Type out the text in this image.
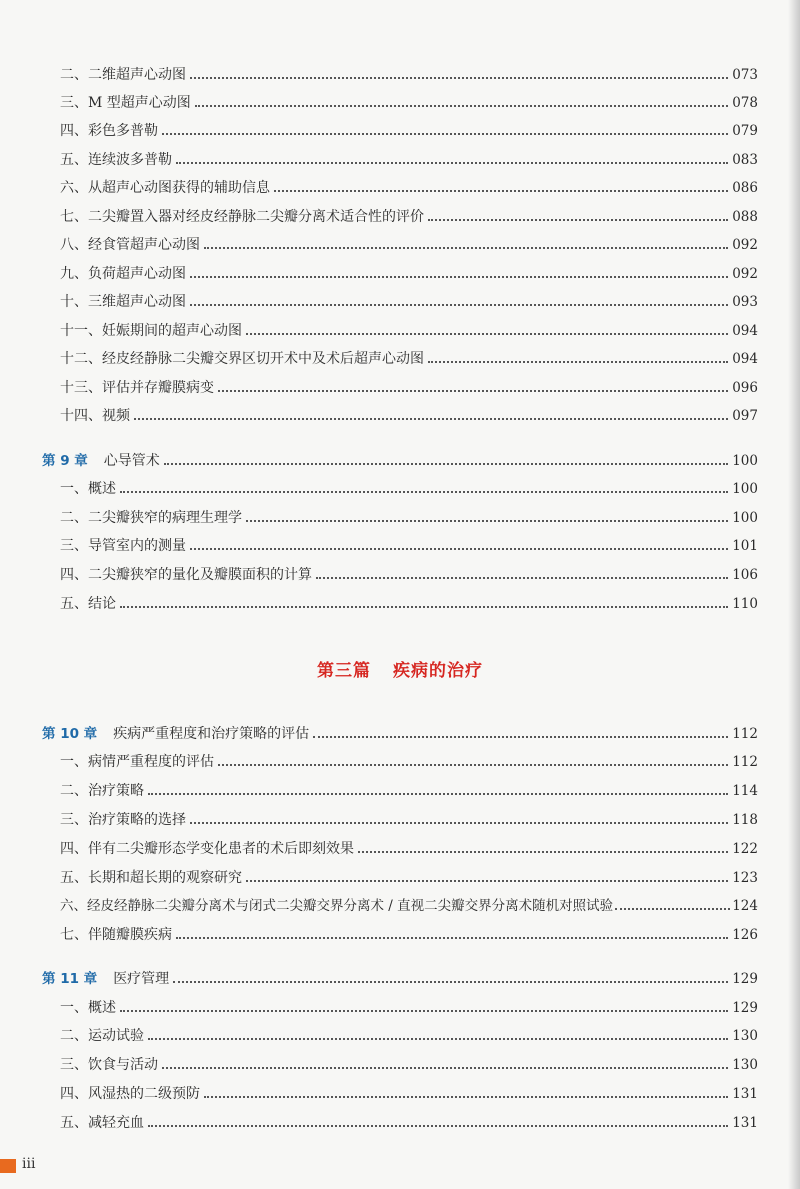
二、二维超声心动图	073
三、M 型超声心动图	078
四、彩色多普勒	079
五、连续波多普勒	083
六、从超声心动图获得的辅助信息	086
七、二尖瓣置入器对经皮经静脉二尖瓣分离术适合性的评价	088
八、经食管超声心动图	092
九、负荷超声心动图	092
十、三维超声心动图	093
十一、妊娠期间的超声心动图	094
十二、经皮经静脉二尖瓣交界区切开术中及术后超声心动图	094
十三、评估并存瓣膜病变	096
十四、视频	097
第 9 章 心导管术	100
一、概述	100
二、二尖瓣狭窄的病理生理学	100
三、导管室内的测量	101
四、二尖瓣狭窄的量化及瓣膜面积的计算	106
五、结论	110
第三篇 疾病的治疗
第 10 章 疾病严重程度和治疗策略的评估	112
一、病情严重程度的评估	112
二、治疗策略	114
三、治疗策略的选择	118
四、伴有二尖瓣形态学变化患者的术后即刻效果	122
五、长期和超长期的观察研究	123
六、经皮经静脉二尖瓣分离术与闭式二尖瓣交界分离术 / 直视二尖瓣交界分离术随机对照试验	124
七、伴随瓣膜疾病	126
第 11 章 医疗管理	129
一、概述	129
二、运动试验	130
三、饮食与活动	130
四、风湿热的二级预防	131
五、减轻充血	131
iii
